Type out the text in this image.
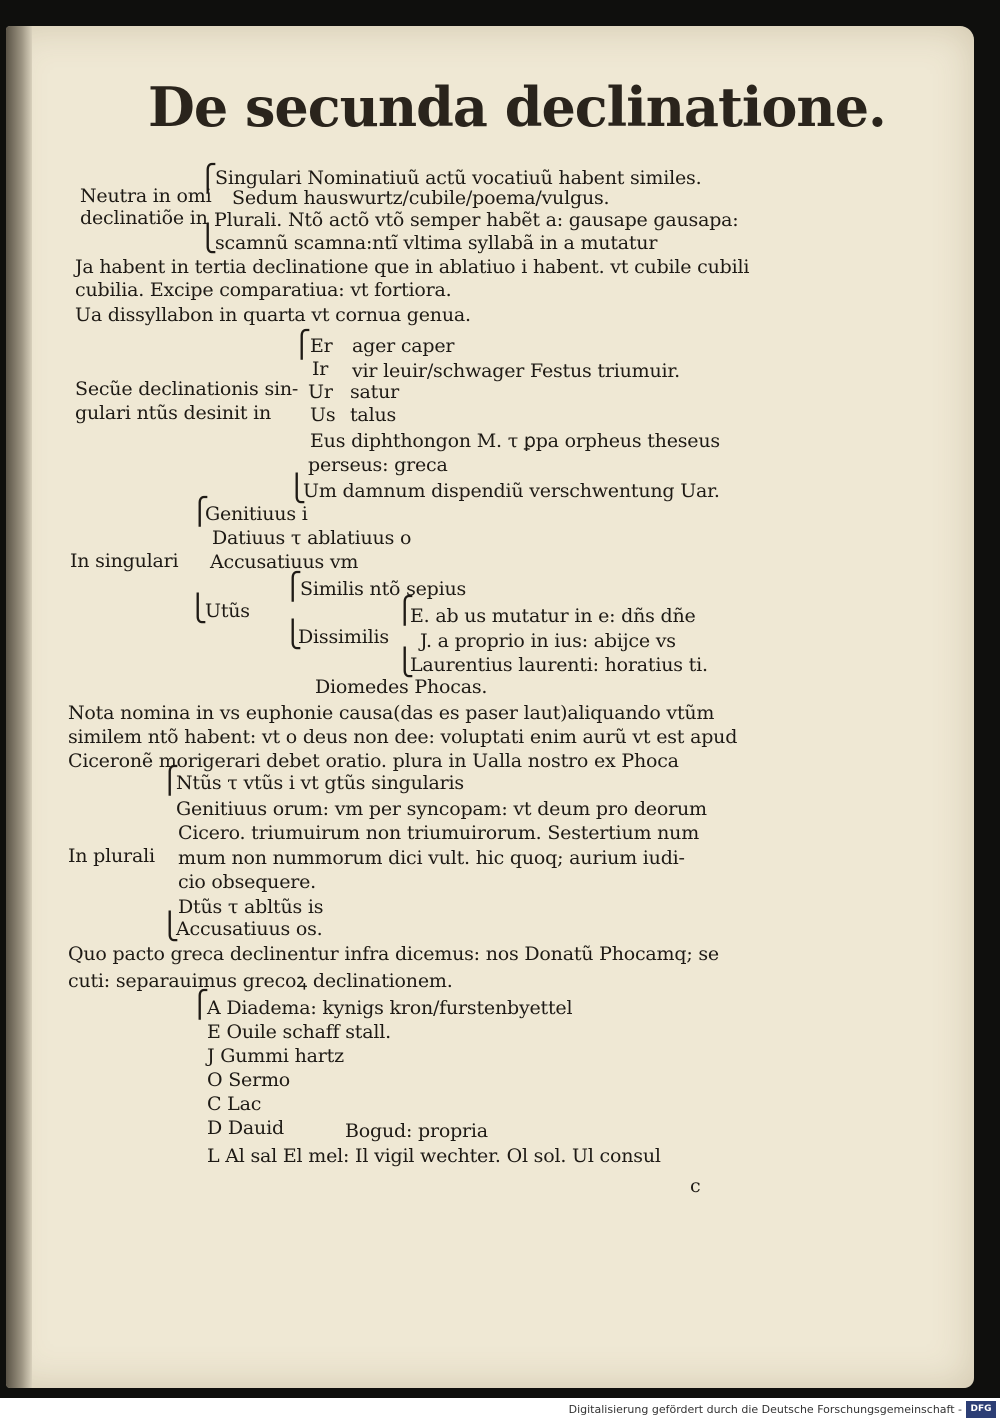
De secunda declinatione.
⎧
Singulari Nominatiuũ actũ vocatiuũ habent similes.
Neutra in omi Sedum hauswurtz/cubile/poema/vulgus.
declinatiõe in Plurali. Ntõ actõ vtõ semper habẽt a: gausape gausapa:
⎩
scamnũ scamna:ntĩ vltima syllabã in a mutatur
Ja habent in tertia declinatione que in ablatiuo i habent. vt cubile cubili
cubilia. Excipe comparatiua: vt fortiora.
Ua dissyllabon in quarta vt cornua genua.
⎧
Er ager caper
Ir vir leuir/schwager Festus triumuir.
Secũe declinationis sin- Ur satur
gulari ntũs desinit in Us talus
Eus diphthongon M. τ ꝑpa orpheus theseus
perseus: greca
⎩
Um damnum dispendiũ verschwentung Uar.
⎧
Genitiuus i
Datiuus τ ablatiuus o
In singulari Accusatiuus vm
⎧
Similis ntõ sepius
⎩
Utũs	⎧
E. ab us mutatur in e: dñs dñe
⎩
Dissimilis J. a proprio in ius: abijce vs
⎩
Laurentius laurenti: horatius ti.
Diomedes Phocas.
Nota nomina in vs euphonie causa(das es paser laut)aliquando vtũm
similem ntõ habent: vt o deus non dee: voluptati enim aurũ vt est apud
Ciceronẽ morigerari debet oratio. plura in Ualla nostro ex Phoca
⎧
Ntũs τ vtũs i vt gtũs singularis
Genitiuus orum: vm per syncopam: vt deum pro deorum
Cicero. triumuirum non triumuirorum. Sestertium num
In plurali mum non nummorum dici vult. hic quoq; aurium iudi-
cio obsequere.
Dtũs τ abltũs is
⎩
Accusatiuus os.
Quo pacto greca declinentur infra dicemus: nos Donatũ Phocamq; se
cuti: separauimus grecoꝝ declinationem.
⎧
A Diadema: kynigs kron/furstenbyettel
E Ouile schaff stall.
J Gummi hartz
O Sermo
C Lac
D Dauid	Bogud: propria
L Al sal El mel: Il vigil wechter. Ol sol. Ul consul
c
Digitalisierung gefördert durch die Deutsche Forschungsgemeinschaft - DFG
